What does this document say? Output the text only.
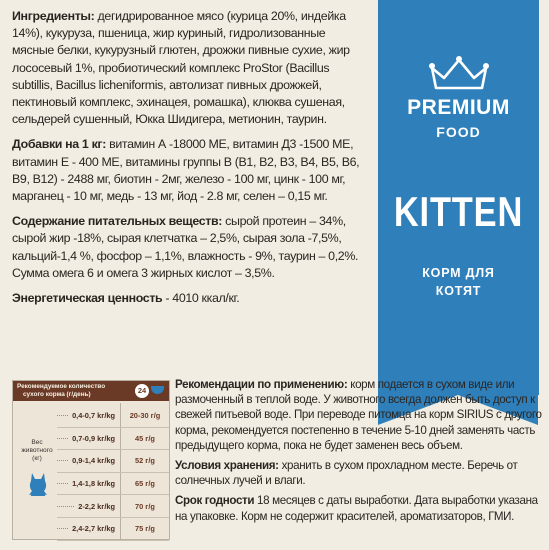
Ингредиенты: дегидрированное мясо (курица 20%, индейка 14%), кукуруза, пшеница, жир куриный, гидролизованные мясные белки, кукурузный глютен, дрожжи пивные сухие, жир лососевый 1%, пробиотический комплекс ProStor (Bacillus subtillis, Bacillus licheniformis, автолизат пивных дрожжей, пектиновый комплекс, эхинацея, ромашка), клюква сушеная, сельдерей сушенный, Юкка Шидигера, метионин, таурин.

Добавки на 1 кг: витамин А -18000 МЕ, витамин Д3 -1500 МЕ, витамин Е - 400 МЕ, витамины группы В (В1, В2, В3, В4, В5, В6, В9, В12) - 2488 мг, биотин - 2мг, железо - 100 мг, цинк - 100 мг, марганец - 10 мг, медь - 13 мг, йод - 2.8 мг, селен – 0,15 мг.

Содержание питательных веществ: сырой протеин – 34%, сырой жир -18%, сырая клетчатка – 2,5%, сырая зола -7,5%, кальций-1,4 %, фосфор – 1,1%, влажность - 9%, таурин – 0,2%. Сумма омега 6 и омега 3 жирных кислот – 3,5%.

Энергетическая ценность - 4010 ккал/кг.

PREMIUM
FOOD
KITTEN
КОРМ ДЛЯ
КОТЯТ
Рекомендуемое количество
сухого корма (г/день)	24
Вес животного (кг)
0,4-0,7 kг/kg
0,7-0,9 kг/kg
0,9-1,4 kг/kg
1,4-1,8 kг/kg
2-2,2 kг/kg
2,4-2,7 kг/kg
20-30 г/g
45 г/g
52 г/g
65 г/g
70 г/g
75 г/g

Рекомендации по применению: корм подается в сухом виде или размоченный в теплой воде. У животного всегда должен быть доступ к свежей питьевой воде. При переводе питомца на корм SIRIUS с другого корма, рекомендуется постепенно в течение 5-10 дней заменять часть предыдущего корма, пока не будет заменен весь объем.

Условия хранения: хранить в сухом прохладном месте. Беречь от солнечных лучей и влаги.

Срок годности 18 месяцев с даты выработки. Дата выработки указана на упаковке. Корм не содержит красителей, ароматизаторов, ГМИ.
